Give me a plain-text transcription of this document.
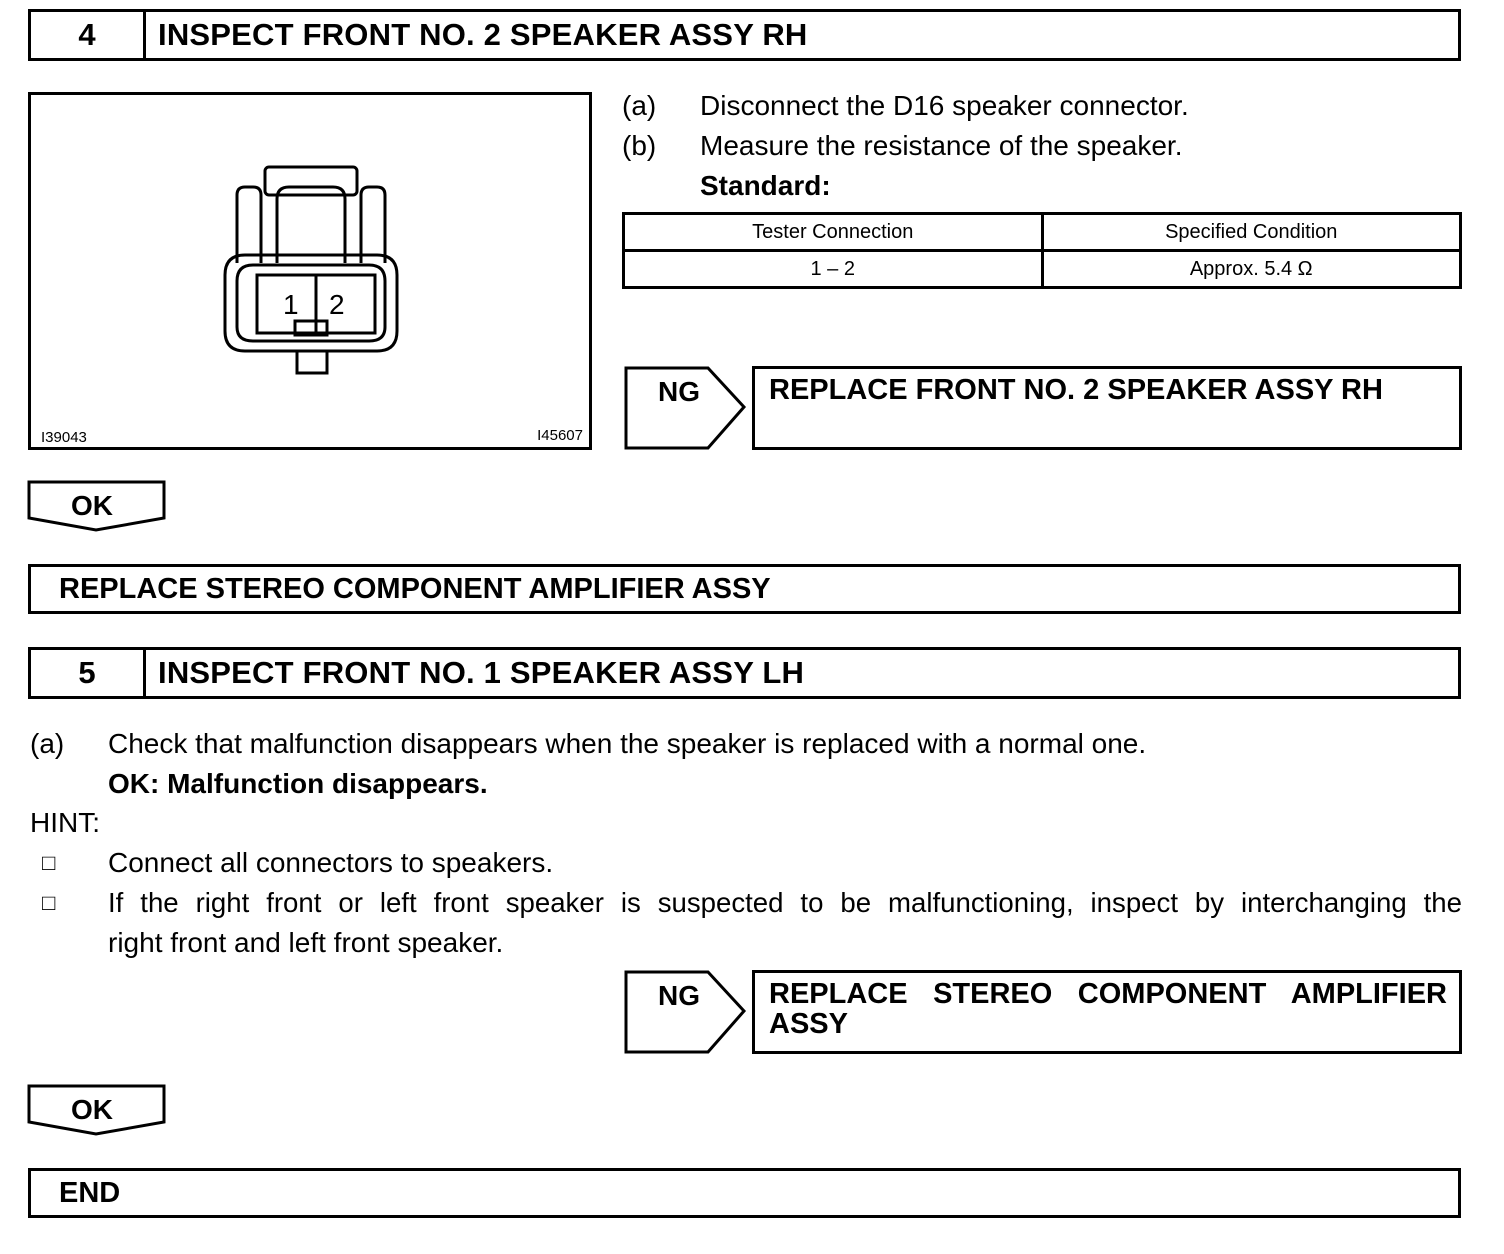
4	INSPECT FRONT NO. 2 SPEAKER ASSY RH
1 2
I39043	I45607
(a) Disconnect the D16 speaker connector.
(b) Measure the resistance of the speaker.
Standard:
Tester Connection	Specified Condition
1 – 2	Approx. 5.4 Ω
NG	REPLACE FRONT NO. 2 SPEAKER ASSY RH
OK
REPLACE STEREO COMPONENT AMPLIFIER ASSY
5	INSPECT FRONT NO. 1 SPEAKER ASSY LH
(a) Check that malfunction disappears when the speaker is replaced with a normal one.
OK: Malfunction disappears.
HINT:
□ Connect all connectors to speakers.
□ If the right front or left front speaker is suspected to be malfunctioning, inspect by interchanging the
right front and left front speaker.
NG REPLACE STEREO COMPONENT AMPLIFIER
ASSY
OK
END
